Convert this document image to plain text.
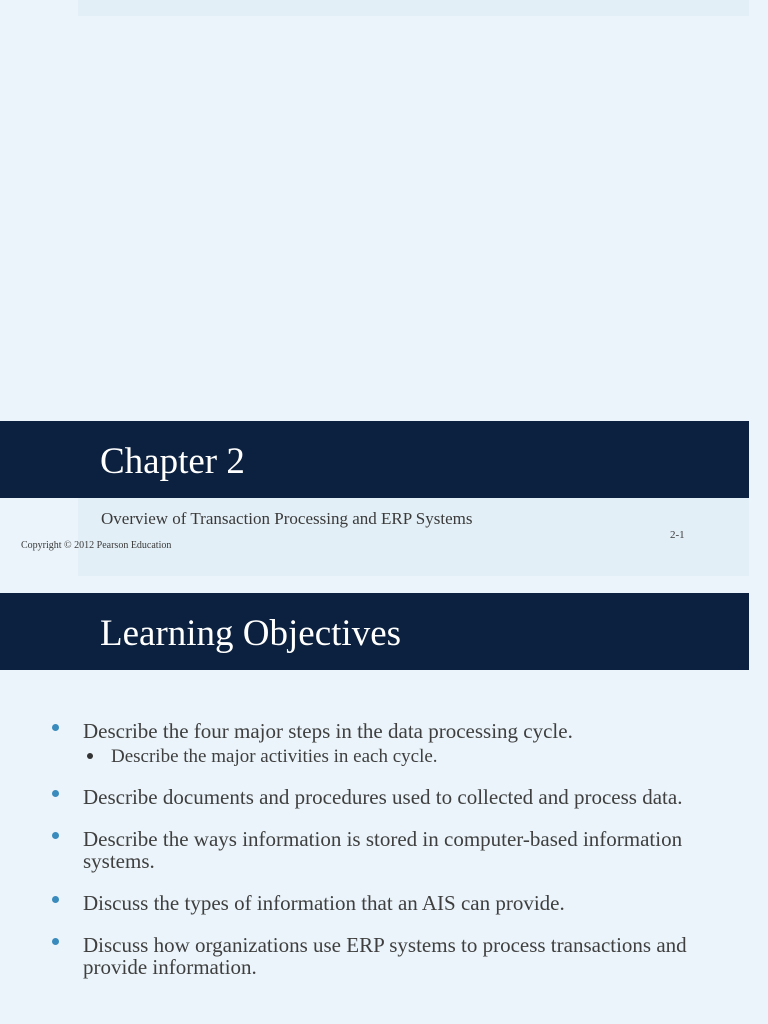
Chapter 2
Overview of Transaction Processing and ERP Systems
Copyright © 2012 Pearson Education
2-1
Learning Objectives
Describe the four major steps in the data processing cycle.
Describe the major activities in each cycle.
Describe documents and procedures used to collected and process data.
Describe the ways information is stored in computer-based information systems.
Discuss the types of information that an AIS can provide.
Discuss how organizations use ERP systems to process transactions and provide information.
